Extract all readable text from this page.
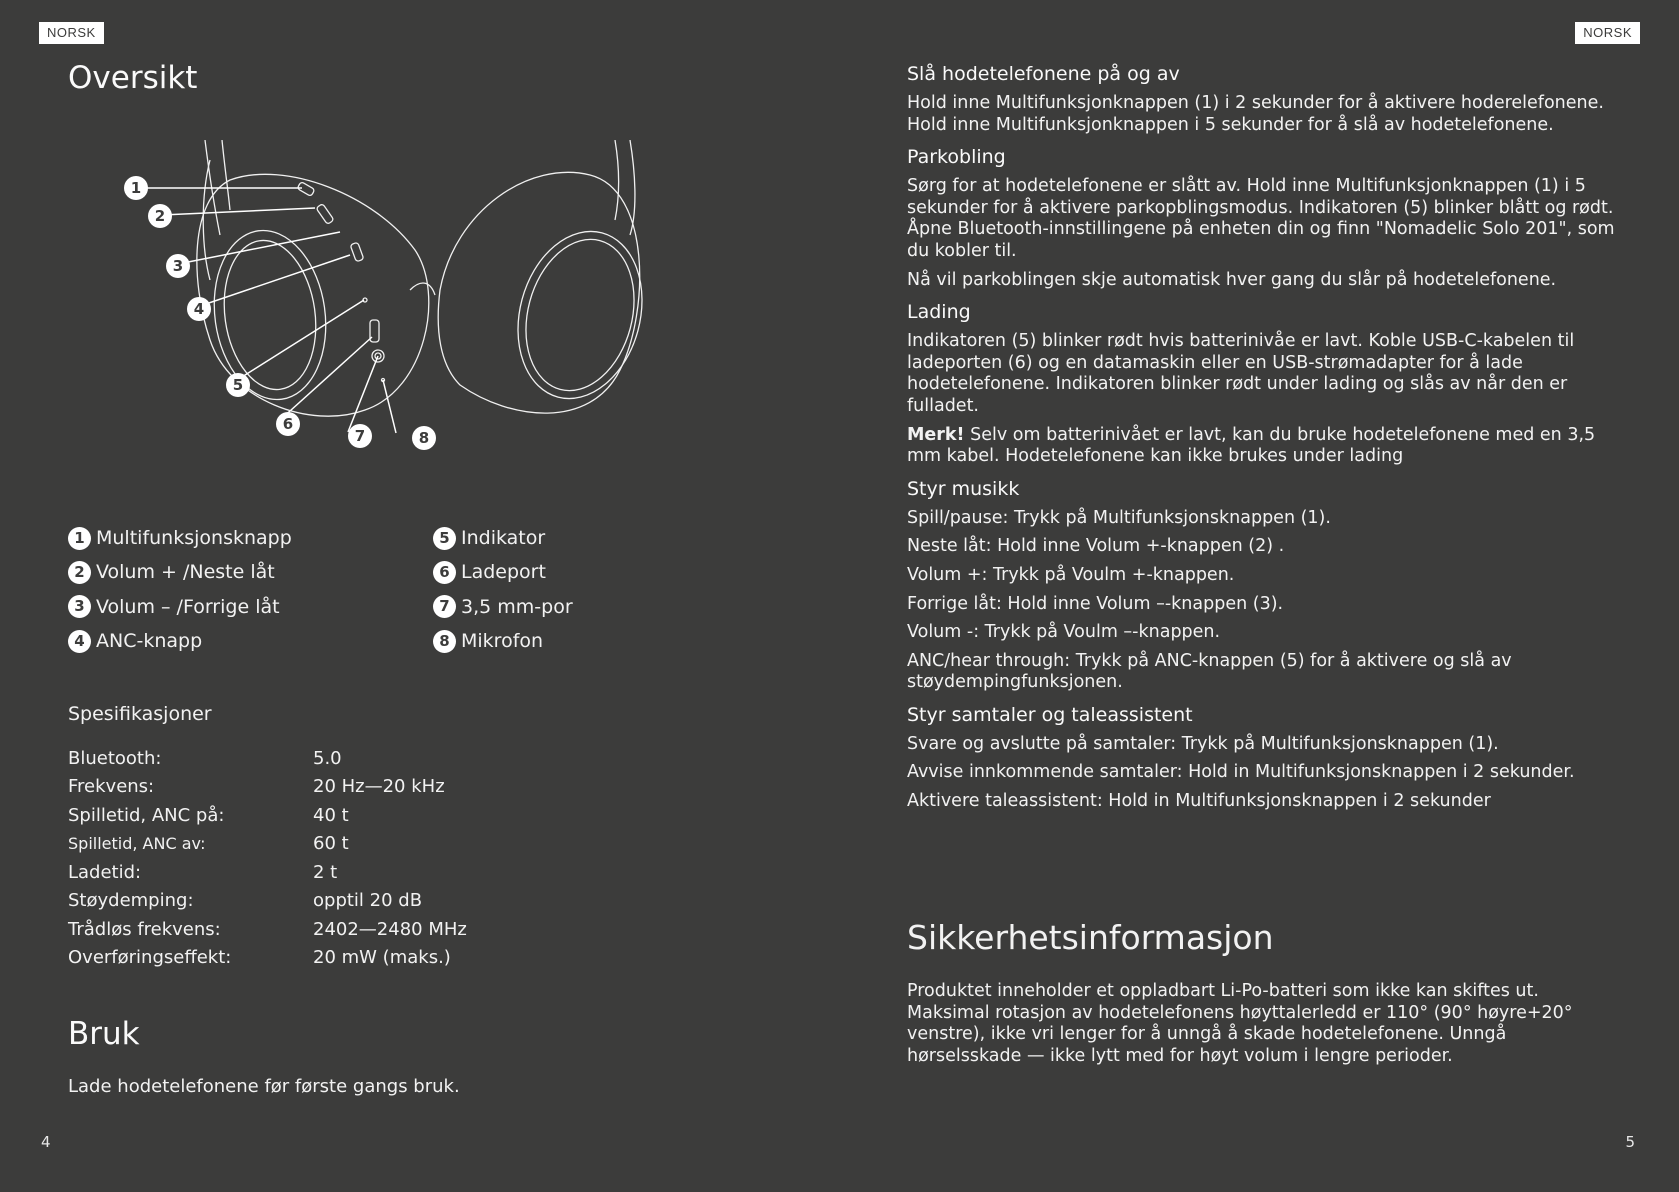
NORSK	NORSK
4	5
Oversikt
1
2
3
4
5
6
7	8
1 Multifunksjonsknapp
2 Volum + /Neste låt
3 Volum – /Forrige låt
4 ANC-knapp
5 Indikator
6 Ladeport
7 3,5 mm-por
8 Mikrofon
Spesifikasjoner
Bluetooth:	5.0
Frekvens:	20 Hz—20 kHz
Spilletid, ANC på:	40 t
Spilletid, ANC av:	60 t
Ladetid:	2 t
Støydemping:	opptil 20 dB
Trådløs frekvens:	2402—2480 MHz
Overføringseffekt:	20 mW (maks.)
Bruk
Lade hodetelefonene før første gangs bruk.
Slå hodetelefonene på og av

Hold inne Multifunksjonknappen (1) i 2 sekunder for å aktivere hoderelefonene. Hold inne Multifunksjonknappen i 5 sekunder for å slå av hodetelefonene.

Parkobling

Sørg for at hodetelefonene er slått av. Hold inne Multifunksjonknappen (1) i 5 sekunder for å aktivere parkopblingsmodus. Indikatoren (5) blinker blått og rødt. Åpne Bluetooth-innstillingene på enheten din og finn "Nomadelic Solo 201", som du kobler til.

Nå vil parkoblingen skje automatisk hver gang du slår på hodetelefonene.

Lading

Indikatoren (5) blinker rødt hvis batterinivåe er lavt. Koble USB-C-kabelen til ladeporten (6) og en datamaskin eller en USB-strømadapter for å lade hodetelefonene. Indikatoren blinker rødt under lading og slås av når den er fulladet.

Merk! Selv om batterinivået er lavt, kan du bruke hodetelefonene med en 3,5 mm kabel. Hodetelefonene kan ikke brukes under lading

Styr musikk

Spill/pause: Trykk på Multifunksjonsknappen (1).

Neste låt: Hold inne Volum +-knappen (2) .

Volum +: Trykk på Voulm +-knappen.

Forrige låt: Hold inne Volum –-knappen (3).

Volum -: Trykk på Voulm –-knappen.

ANC/hear through: Trykk på ANC-knappen (5) for å aktivere og slå av støydempingfunksjonen.

Styr samtaler og taleassistent

Svare og avslutte på samtaler: Trykk på Multifunksjonsknappen (1).

Avvise innkommende samtaler: Hold in Multifunksjonsknappen i 2 sekunder.

Aktivere taleassistent: Hold in Multifunksjonsknappen i 2 sekunder

Sikkerhetsinformasjon

Produktet inneholder et oppladbart Li-Po-batteri som ikke kan skiftes ut. Maksimal rotasjon av hodetelefonens høyttalerledd er 110° (90° høyre+20° venstre), ikke vri lenger for å unngå å skade hodetelefonene. Unngå hørselsskade — ikke lytt med for høyt volum i lengre perioder.
